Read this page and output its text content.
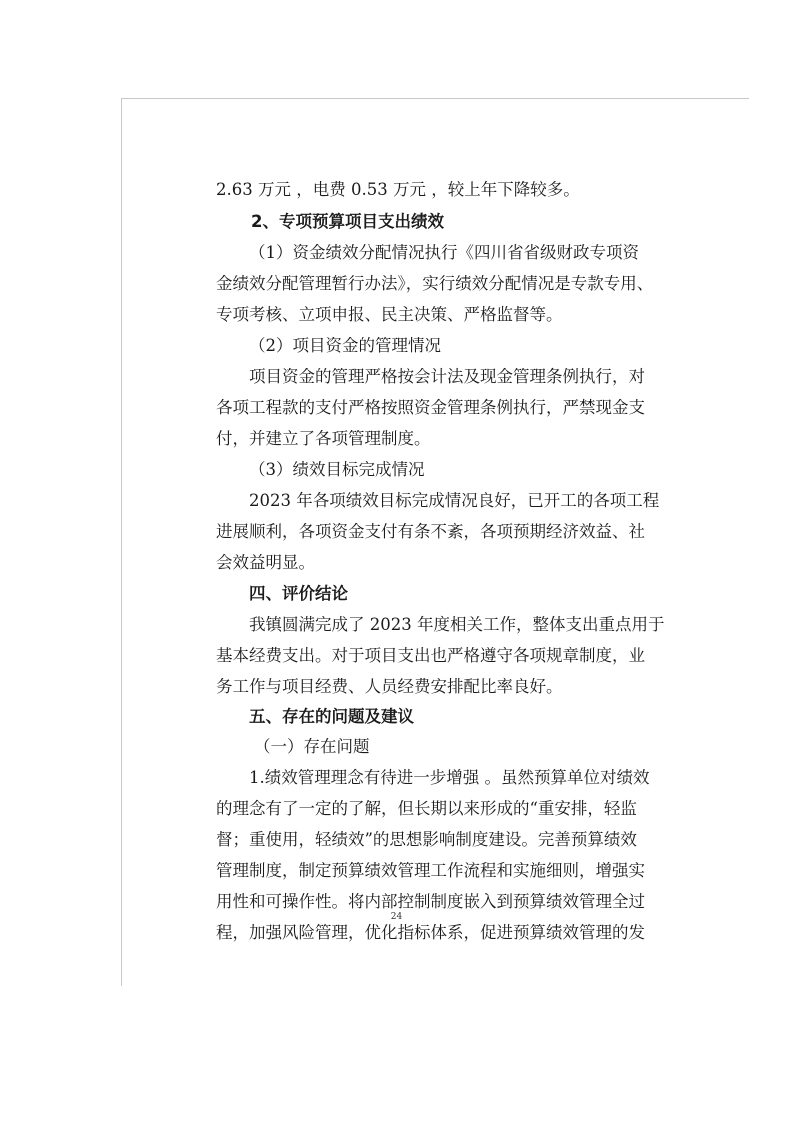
2.63 万元 ，电费 0.53 万元 ，较上年下降较多。
2、专项预算项目支出绩效
（1）资金绩效分配情况执行《四川省省级财政专项资
金绩效分配管理暂行办法》，实行绩效分配情况是专款专用、
专项考核、立项申报、民主决策、严格监督等。
（2）项目资金的管理情况
项目资金的管理严格按会计法及现金管理条例执行，对
各项工程款的支付严格按照资金管理条例执行，严禁现金支
付，并建立了各项管理制度。
（3）绩效目标完成情况
2023 年各项绩效目标完成情况良好，已开工的各项工程
进展顺利，各项资金支付有条不紊，各项预期经济效益、社
会效益明显。
四、评价结论
我镇圆满完成了 2023 年度相关工作，整体支出重点用于
基本经费支出。对于项目支出也严格遵守各项规章制度，业
务工作与项目经费、人员经费安排配比率良好。
五、存在的问题及建议
（一）存在问题
1.绩效管理理念有待进一步增强 。虽然预算单位对绩效
的理念有了一定的了解，但长期以来形成的“重安排，轻监
督；重使用，轻绩效”的思想影响制度建设。完善预算绩效
管理制度，制定预算绩效管理工作流程和实施细则，增强实
用性和可操作性。将内部控制制度嵌入到预算绩效管理全过
程，加强风险管理，优化指标体系，促进预算绩效管理的发
24
